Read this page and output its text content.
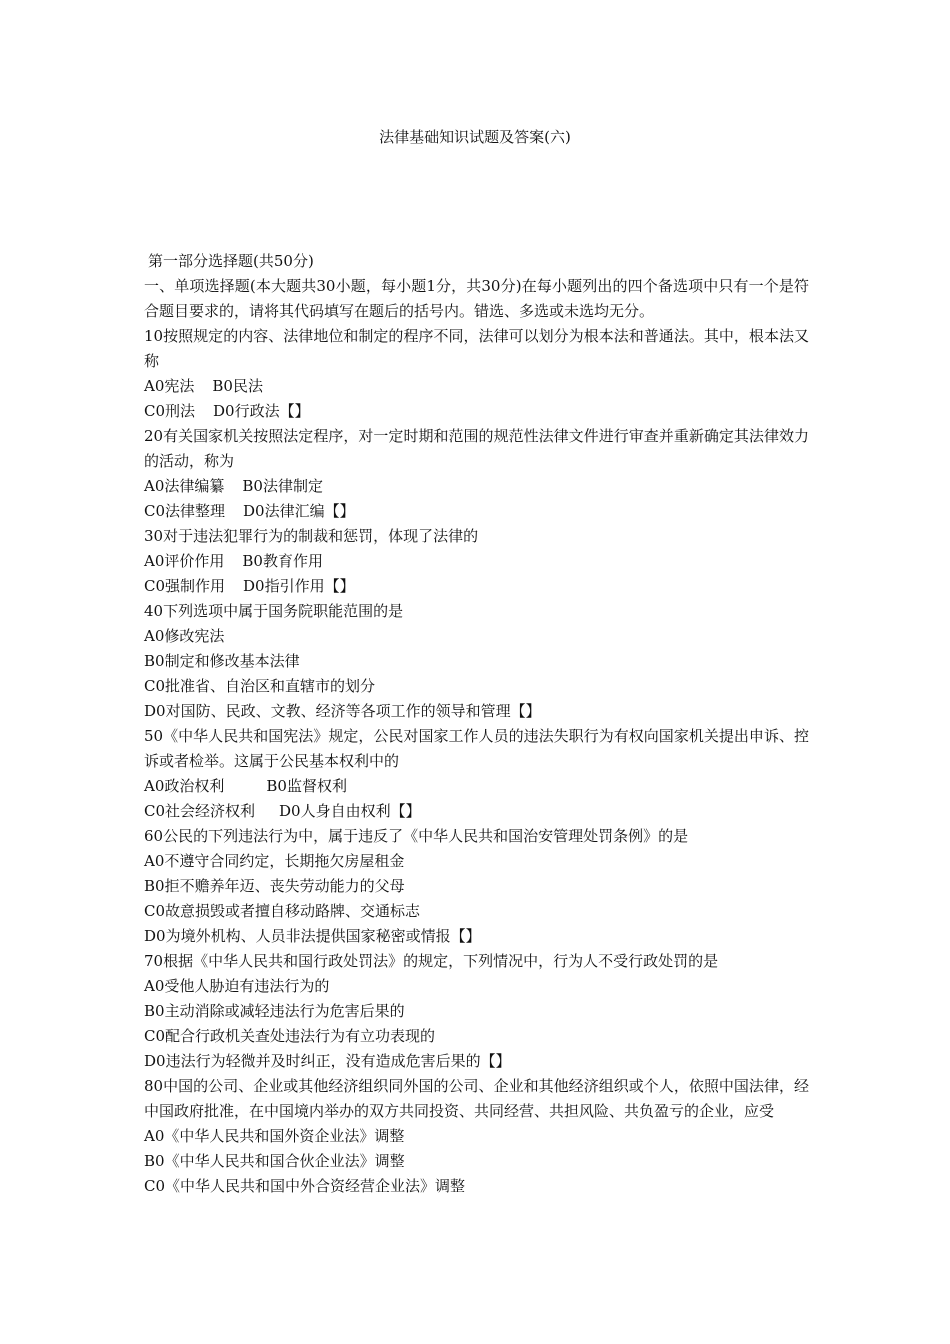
法律基础知识试题及答案(六)
第一部分选择题(共50分)
一、单项选择题(本大题共30小题，每小题1分，共30分)在每小题列出的四个备选项中只有一个是符合题目要求的，请将其代码填写在题后的括号内。错选、多选或未选均无分。
10按照规定的内容、法律地位和制定的程序不同，法律可以划分为根本法和普通法。其中，根本法又称
A0宪法 B0民法
C0刑法 D0行政法【】
20有关国家机关按照法定程序，对一定时期和范围的规范性法律文件进行审查并重新确定其法律效力的活动，称为
A0法律编纂 B0法律制定
C0法律整理 D0法律汇编【】
30对于违法犯罪行为的制裁和惩罚，体现了法律的
A0评价作用 B0教育作用
C0强制作用 D0指引作用【】
40下列选项中属于国务院职能范围的是
A0修改宪法
B0制定和修改基本法律
C0批准省、自治区和直辖市的划分
D0对国防、民政、文教、经济等各项工作的领导和管理【】
50《中华人民共和国宪法》规定，公民对国家工作人员的违法失职行为有权向国家机关提出申诉、控诉或者检举。这属于公民基本权利中的
A0政治权利	B0监督权利
C0社会经济权利 D0人身自由权利【】
60公民的下列违法行为中，属于违反了《中华人民共和国治安管理处罚条例》的是
A0不遵守合同约定，长期拖欠房屋租金
B0拒不赡养年迈、丧失劳动能力的父母
C0故意损毁或者擅自移动路牌、交通标志
D0为境外机构、人员非法提供国家秘密或情报【】
70根据《中华人民共和国行政处罚法》的规定，下列情况中，行为人不受行政处罚的是
A0受他人胁迫有违法行为的
B0主动消除或减轻违法行为危害后果的
C0配合行政机关查处违法行为有立功表现的
D0违法行为轻微并及时纠正，没有造成危害后果的【】
80中国的公司、企业或其他经济组织同外国的公司、企业和其他经济组织或个人，依照中国法律，经中国政府批准，在中国境内举办的双方共同投资、共同经营、共担风险、共负盈亏的企业，应受
A0《中华人民共和国外资企业法》调整
B0《中华人民共和国合伙企业法》调整
C0《中华人民共和国中外合资经营企业法》调整
